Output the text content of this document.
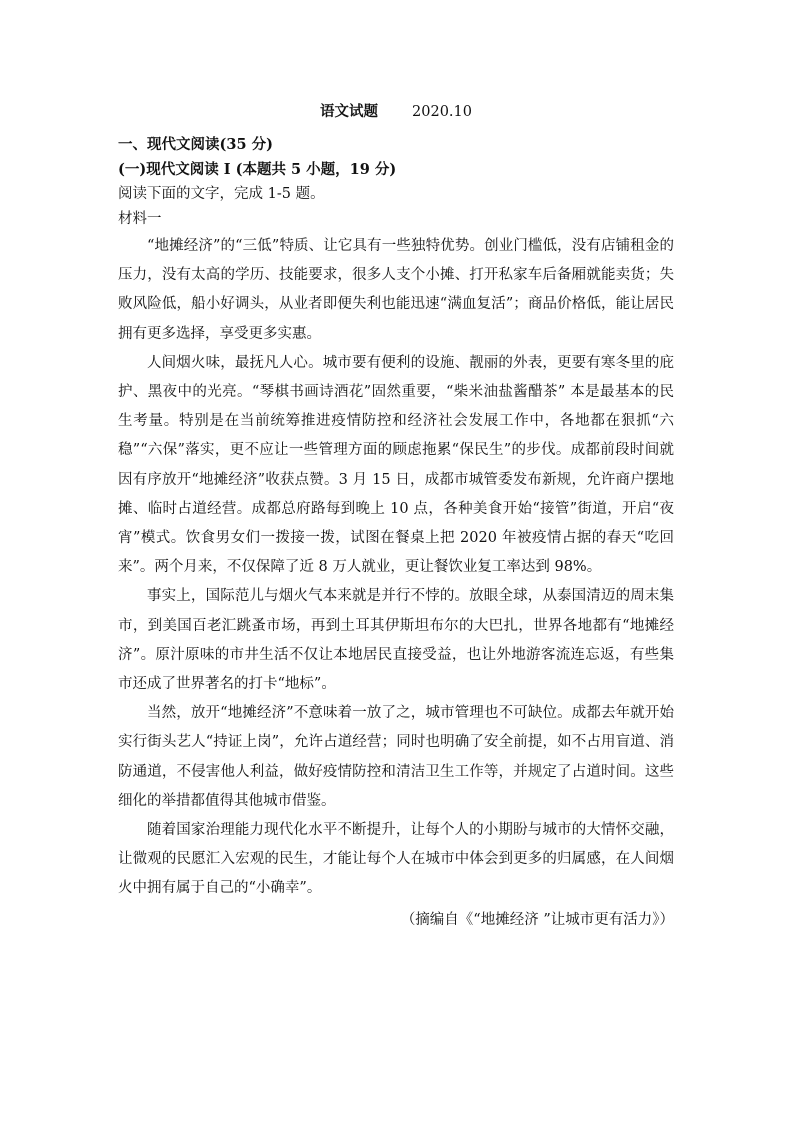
语文试题 2020.10

一、现代文阅读(35 分)

(一)现代文阅读 I (本题共 5 小题，19 分)

阅读下面的文字，完成 1-5 题。

材料一

“地摊经济”的“三低”特质、让它具有一些独特优势。创业门槛低，没有店铺租金的压力，没有太高的学历、技能要求，很多人支个小摊、打开私家车后备厢就能卖货；失败风险低，船小好调头，从业者即便失利也能迅速“满血复活”；商品价格低，能让居民拥有更多选择，享受更多实惠。

人间烟火味，最抚凡人心。城市要有便利的设施、靓丽的外表，更要有寒冬里的庇护、黑夜中的光亮。“琴棋书画诗酒花”固然重要，“柴米油盐酱醋茶” 本是最基本的民生考量。特别是在当前统筹推进疫情防控和经济社会发展工作中，各地都在狠抓“六稳”“六保”落实，更不应让一些管理方面的顾虑拖累“保民生”的步伐。成都前段时间就因有序放开“地摊经济”收获点赞。3 月 15 日，成都市城管委发布新规，允许商户摆地摊、临时占道经营。成都总府路每到晚上 10 点，各种美食开始“接管”街道，开启“夜宵”模式。饮食男女们一拨接一拨，试图在餐桌上把 2020 年被疫情占据的春天“吃回来”。两个月来，不仅保障了近 8 万人就业，更让餐饮业复工率达到 98%。

事实上，国际范儿与烟火气本来就是并行不悖的。放眼全球，从泰国清迈的周末集市，到美国百老汇跳蚤市场，再到土耳其伊斯坦布尔的大巴扎，世界各地都有“地摊经济”。原汁原味的市井生活不仅让本地居民直接受益，也让外地游客流连忘返，有些集市还成了世界著名的打卡“地标”。

当然，放开“地摊经济”不意味着一放了之，城市管理也不可缺位。成都去年就开始实行街头艺人“持证上岗”，允许占道经营；同时也明确了安全前提，如不占用盲道、消防通道，不侵害他人利益，做好疫情防控和清洁卫生工作等，并规定了占道时间。这些细化的举措都值得其他城市借鉴。

随着国家治理能力现代化水平不断提升，让每个人的小期盼与城市的大情怀交融，让微观的民愿汇入宏观的民生，才能让每个人在城市中体会到更多的归属感，在人间烟火中拥有属于自己的“小确幸”。

（摘编自《“地摊经济 ”让城市更有活力》）
